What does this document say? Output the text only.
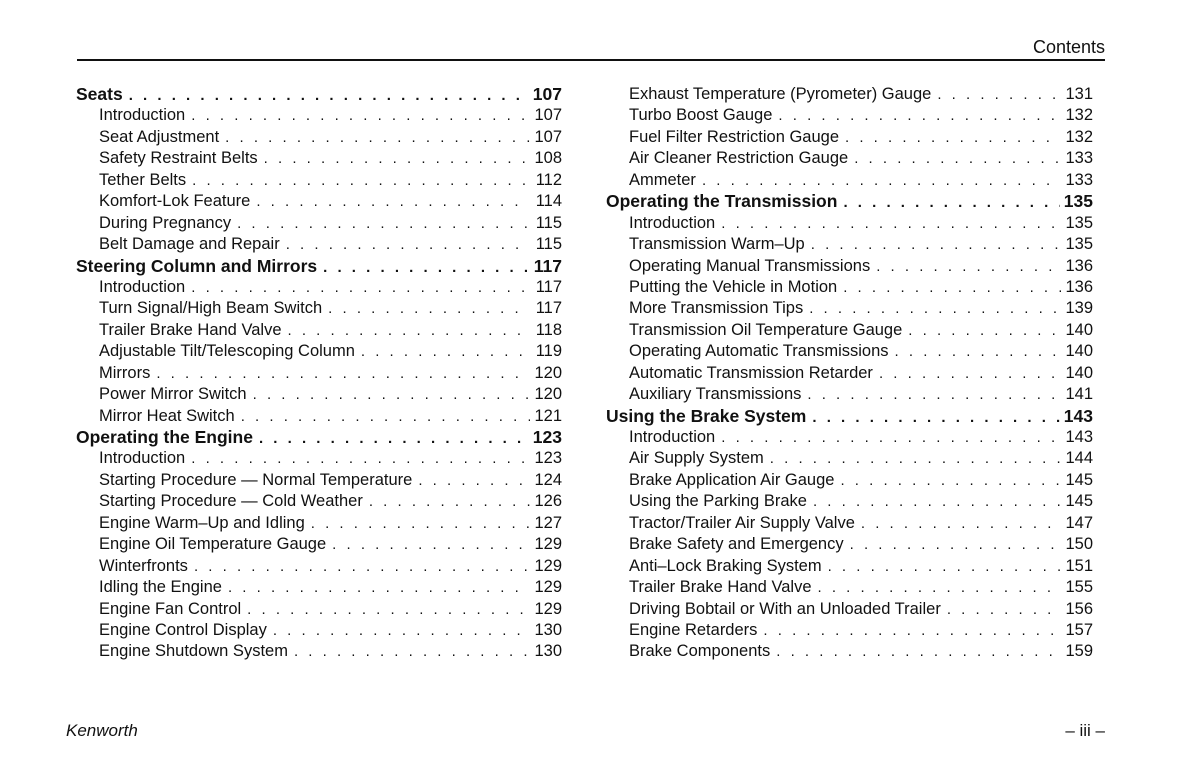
Contents
Seats . . .	107
Introduction . . .	107
Seat Adjustment . . .	107
Safety Restraint Belts . . .	108
Tether Belts . . .	112
Komfort-Lok Feature . . .	114
During Pregnancy . . .	115
Belt Damage and Repair . . .	115
Steering Column and Mirrors . . .	117
Introduction . . .	117
Turn Signal/High Beam Switch . . .	117
Trailer Brake Hand Valve . . .	118
Adjustable Tilt/Telescoping Column . . .	119
Mirrors . . .	120
Power Mirror Switch . . .	120
Mirror Heat Switch . . .	121
Operating the Engine . . .	123
Introduction . . .	123
Starting Procedure — Normal Temperature . . .	124
Starting Procedure — Cold Weather . . .	126
Engine Warm–Up and Idling . . .	127
Engine Oil Temperature Gauge . . .	129
Winterfronts . . .	129
Idling the Engine . . .	129
Engine Fan Control . . .	129
Engine Control Display . . .	130
Engine Shutdown System . . .	130
Exhaust Temperature (Pyrometer) Gauge . . .	131
Turbo Boost Gauge . . .	132
Fuel Filter Restriction Gauge . . .	132
Air Cleaner Restriction Gauge . . .	133
Ammeter . . .	133
Operating the Transmission . . .	135
Introduction . . .	135
Transmission Warm–Up . . .	135
Operating Manual Transmissions . . .	136
Putting the Vehicle in Motion . . .	136
More Transmission Tips . . .	139
Transmission Oil Temperature Gauge . . .	140
Operating Automatic Transmissions . . .	140
Automatic Transmission Retarder . . .	140
Auxiliary Transmissions . . .	141
Using the Brake System . . .	143
Introduction . . .	143
Air Supply System . . .	144
Brake Application Air Gauge . . .	145
Using the Parking Brake . . .	145
Tractor/Trailer Air Supply Valve . . .	147
Brake Safety and Emergency . . .	150
Anti–Lock Braking System . . .	151
Trailer Brake Hand Valve . . .	155
Driving Bobtail or With an Unloaded Trailer . . .	156
Engine Retarders . . .	157
Brake Components . . .	159
Kenworth	– iii –
